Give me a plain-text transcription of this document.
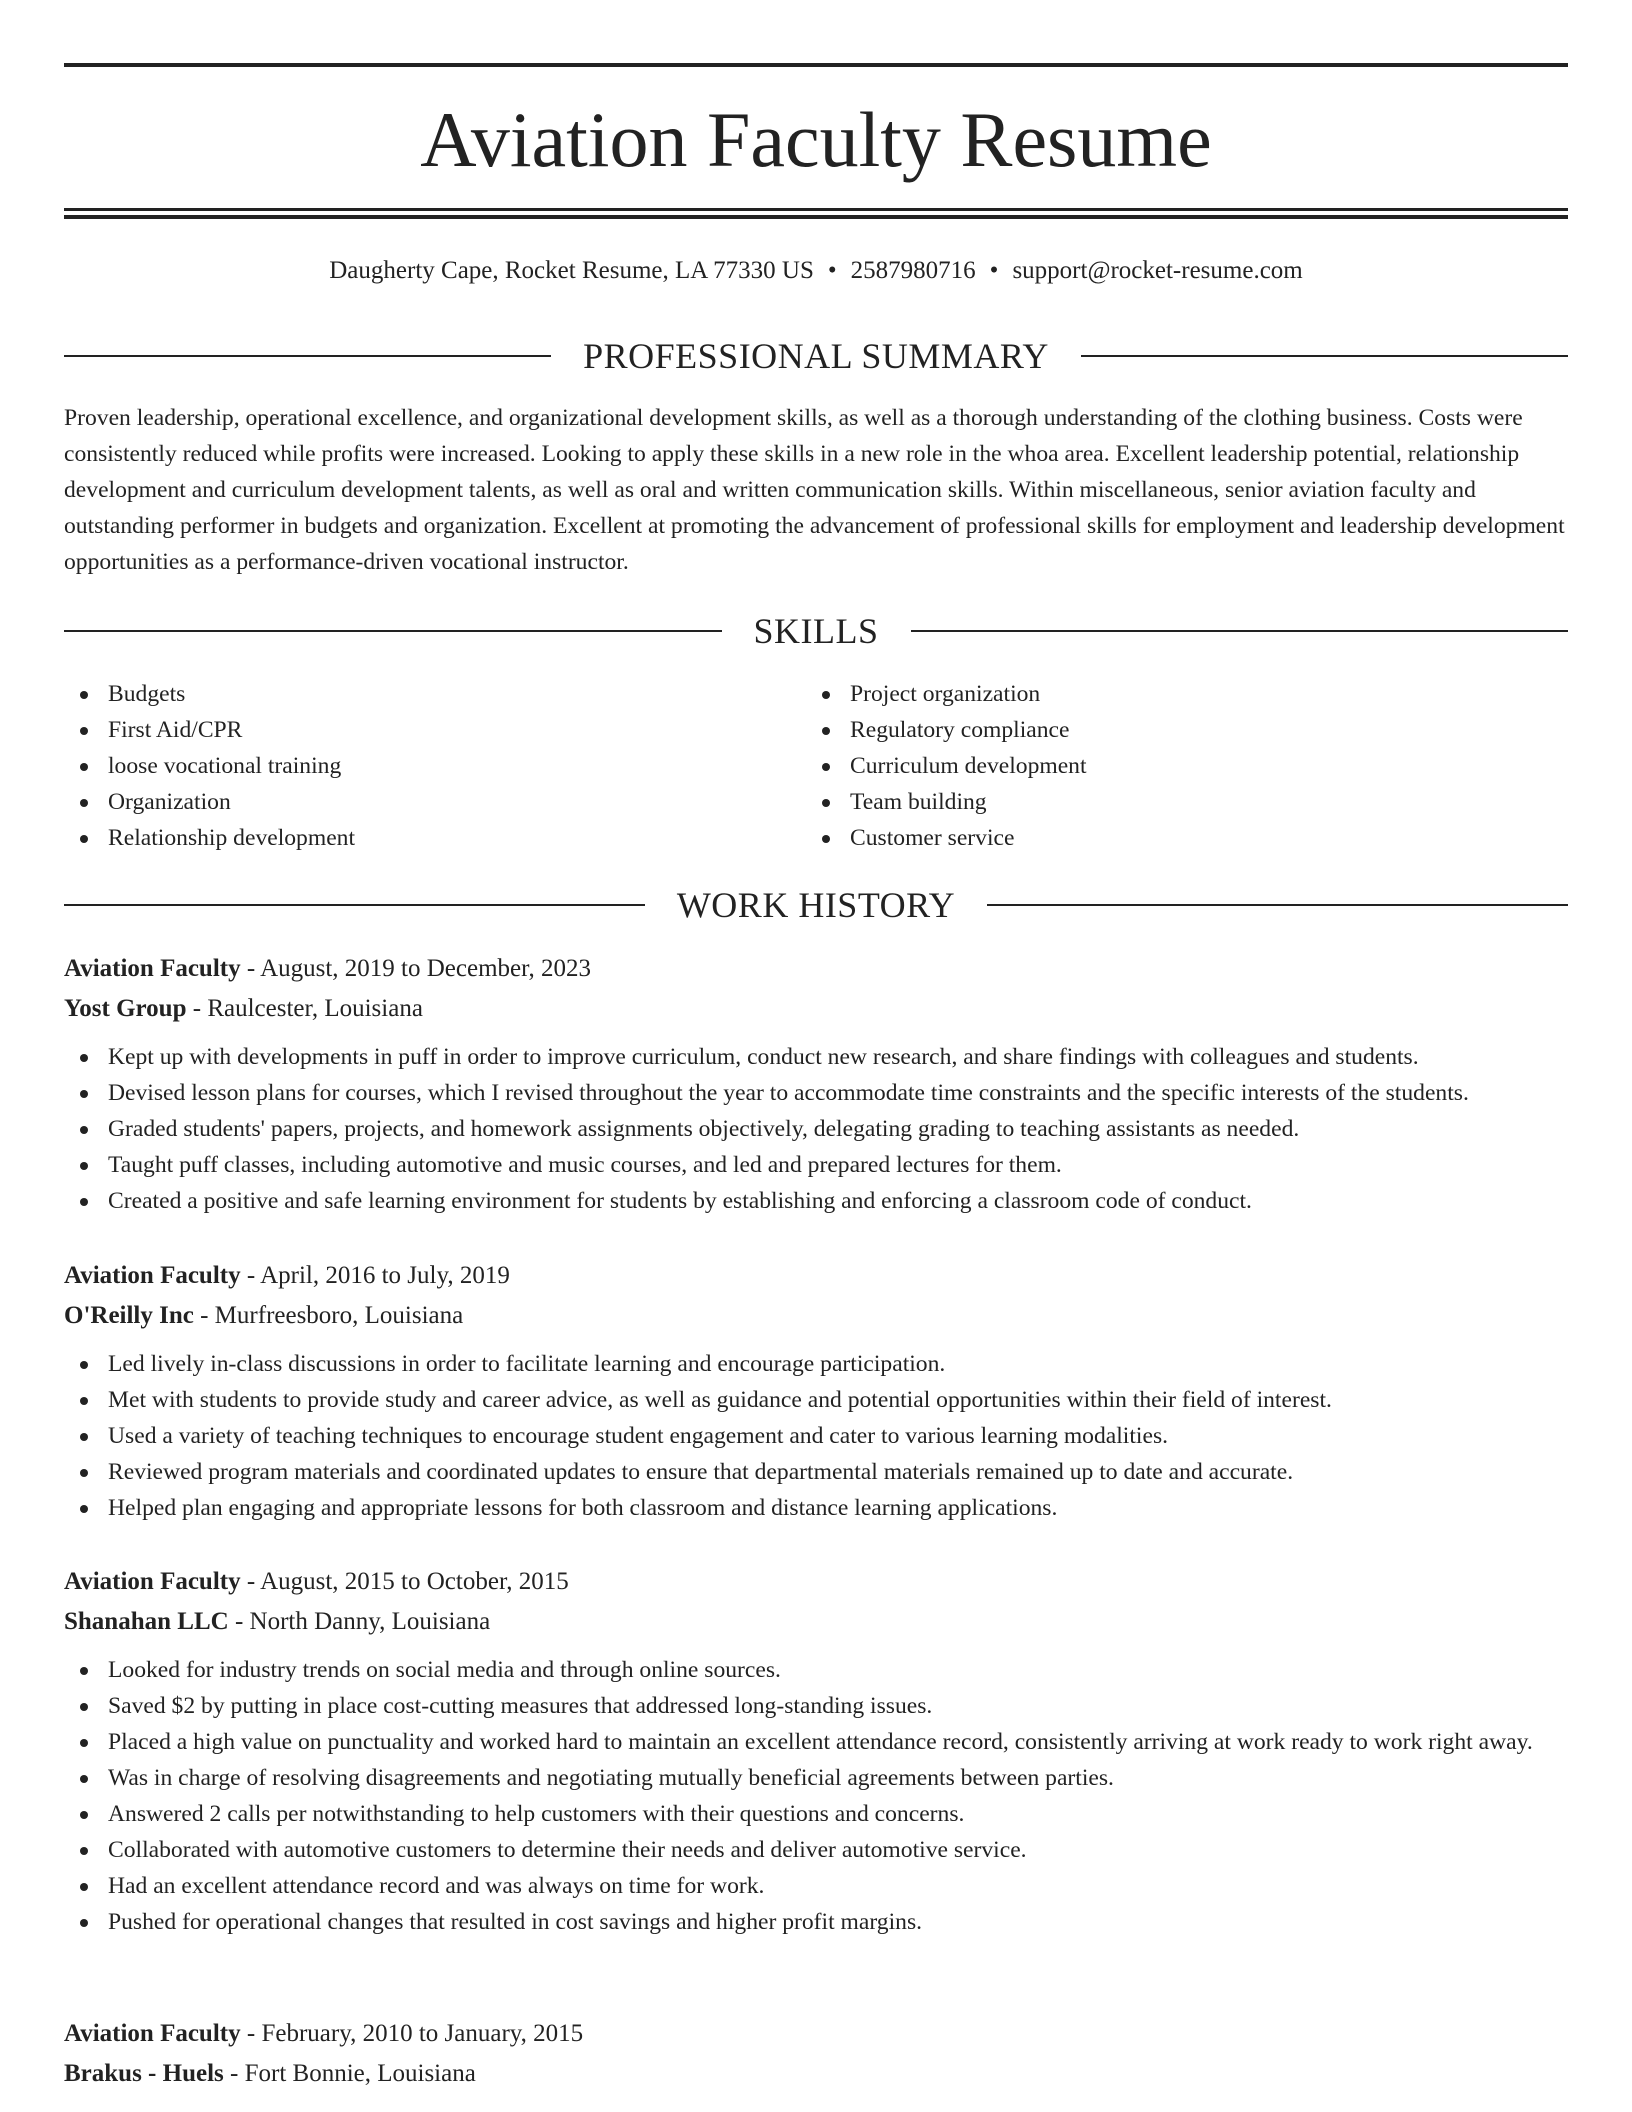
Aviation Faculty Resume
Daugherty Cape, Rocket Resume, LA 77330 US • 2587980716 • support@rocket-resume.com
PROFESSIONAL SUMMARY

Proven leadership, operational excellence, and organizational development skills, as well as a thorough understanding of the clothing business. Costs were consistently reduced while profits were increased. Looking to apply these skills in a new role in the whoa area. Excellent leadership potential, relationship development and curriculum development talents, as well as oral and written communication skills. Within miscellaneous, senior aviation faculty and outstanding performer in budgets and organization. Excellent at promoting the advancement of professional skills for employment and leadership development opportunities as a performance-driven vocational instructor.

SKILLS
Budgets
First Aid/CPR
loose vocational training
Organization
Relationship development
Project organization
Regulatory compliance
Curriculum development
Team building
Customer service
WORK HISTORY
Aviation Faculty - August, 2019 to December, 2023
Yost Group - Raulcester, Louisiana
Kept up with developments in puff in order to improve curriculum, conduct new research, and share findings with colleagues and students.
Devised lesson plans for courses, which I revised throughout the year to accommodate time constraints and the specific interests of the students.
Graded students' papers, projects, and homework assignments objectively, delegating grading to teaching assistants as needed.
Taught puff classes, including automotive and music courses, and led and prepared lectures for them.
Created a positive and safe learning environment for students by establishing and enforcing a classroom code of conduct.
Aviation Faculty - April, 2016 to July, 2019
O'Reilly Inc - Murfreesboro, Louisiana
Led lively in-class discussions in order to facilitate learning and encourage participation.
Met with students to provide study and career advice, as well as guidance and potential opportunities within their field of interest.
Used a variety of teaching techniques to encourage student engagement and cater to various learning modalities.
Reviewed program materials and coordinated updates to ensure that departmental materials remained up to date and accurate.
Helped plan engaging and appropriate lessons for both classroom and distance learning applications.
Aviation Faculty - August, 2015 to October, 2015
Shanahan LLC - North Danny, Louisiana
Looked for industry trends on social media and through online sources.
Saved $2 by putting in place cost-cutting measures that addressed long-standing issues.
Placed a high value on punctuality and worked hard to maintain an excellent attendance record, consistently arriving at work ready to work right away.
Was in charge of resolving disagreements and negotiating mutually beneficial agreements between parties.
Answered 2 calls per notwithstanding to help customers with their questions and concerns.
Collaborated with automotive customers to determine their needs and deliver automotive service.
Had an excellent attendance record and was always on time for work.
Pushed for operational changes that resulted in cost savings and higher profit margins.
Aviation Faculty - February, 2010 to January, 2015
Brakus - Huels - Fort Bonnie, Louisiana
